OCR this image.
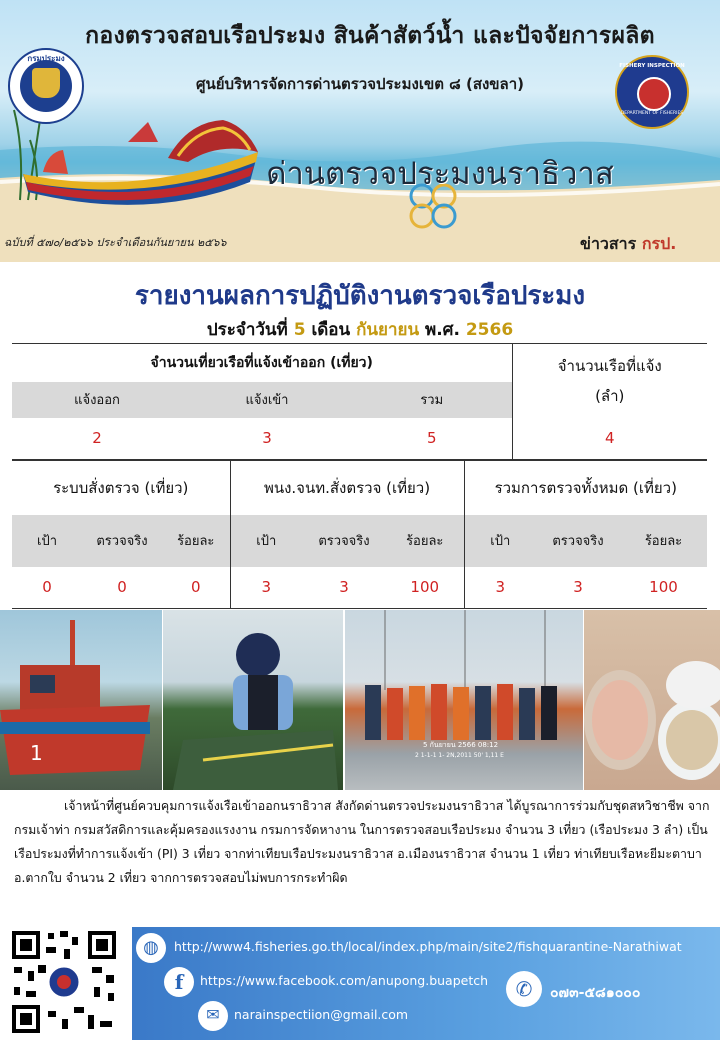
กรมประมง
FISHERY INSPECTION
DEPARTMENT OF FISHERIES
กองตรวจสอบเรือประมง สินค้าสัตว์น้ำ และปัจจัยการผลิต
ศูนย์บริหารจัดการด่านตรวจประมงเขต ๘ (สงขลา)
ด่านตรวจประมงนราธิวาส
ฉบับที่ ๕๗๐/๒๕๖๖ ประจำเดือนกันยายน ๒๕๖๖	ข่าวสาร กรป.
รายงานผลการปฏิบัติงานตรวจเรือประมง
ประจำวันที่ 5 เดือน กันยายน พ.ศ. 2566
จำนวนเที่ยวเรือที่แจ้งเข้าออก (เที่ยว)			จำนวนเรือที่แจ้ง
(ลำ)

แจ้งออก	แจ้งเข้า	รวม	
2	3	5	4
ระบบสั่งตรวจ (เที่ยว)			พนง.จนท.สั่งตรวจ (เที่ยว)			รวมการตรวจทั้งหมด (เที่ยว)		
เป้า	ตรวจจริง	ร้อยละ	เป้า	ตรวจจริง	ร้อยละ	เป้า	ตรวจจริง	ร้อยละ
0	0	0	3	3	100	3	3	100
1	5 กันยายน 2566 08:12
2 1-1-1 1- 2N,2011 50' 1,11 E
เจ้าหน้าที่ศูนย์ควบคุมการแจ้งเรือเข้าออกนราธิวาส สังกัดด่านตรวจประมงนราธิวาส ได้บูรณาการร่วมกับชุดสหวิชาชีพ จากกรมเจ้าท่า กรมสวัสดิการและคุ้มครองแรงงาน กรมการจัดหางาน ในการตรวจสอบเรือประมง จำนวน 3 เที่ยว (เรือประมง 3 ลำ) เป็นเรือประมงที่ทำการแจ้งเข้า (PI) 3 เที่ยว จากท่าเทียบเรือประมงนราธิวาส อ.เมืองนราธิวาส จำนวน 1 เที่ยว ท่าเทียบเรือหะยีมะตาบา อ.ตากใบ จำนวน 2 เที่ยว จากการตรวจสอบไม่พบการกระทำผิด
◍	http://www4.fisheries.go.th/local/index.php/main/site2/fishquarantine-Narathiwat
f	https://www.facebook.com/anupong.buapetch
✉	narainspectiion@gmail.com
✆	๐๗๓-๕๘๑๐๐๐
